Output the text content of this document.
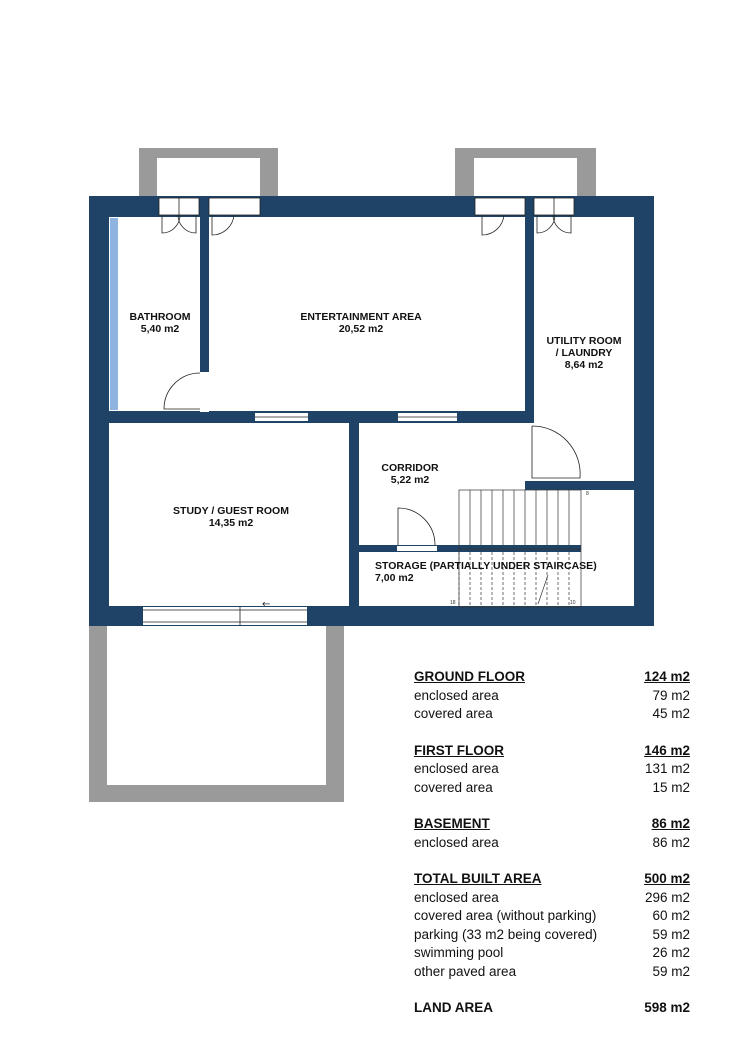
←
8
18	10
BATHROOM
5,40 m2
ENTERTAINMENT AREA
20,52 m2
UTILITY ROOM
/ LAUNDRY
8,64 m2
CORRIDOR
5,22 m2
STUDY / GUEST ROOM
14,35 m2
STORAGE (PARTIALLY UNDER STAIRCASE)
7,00 m2
GROUND FLOOR	124 m2
enclosed area	79 m2
covered area	45 m2
FIRST FLOOR	146 m2
enclosed area	131 m2
covered area	15 m2
BASEMENT	86 m2
enclosed area	86 m2
TOTAL BUILT AREA	500 m2
enclosed area	296 m2
covered area (without parking)	60 m2
parking (33 m2 being covered)	59 m2
swimming pool	26 m2
other paved area	59 m2
LAND AREA	598 m2
